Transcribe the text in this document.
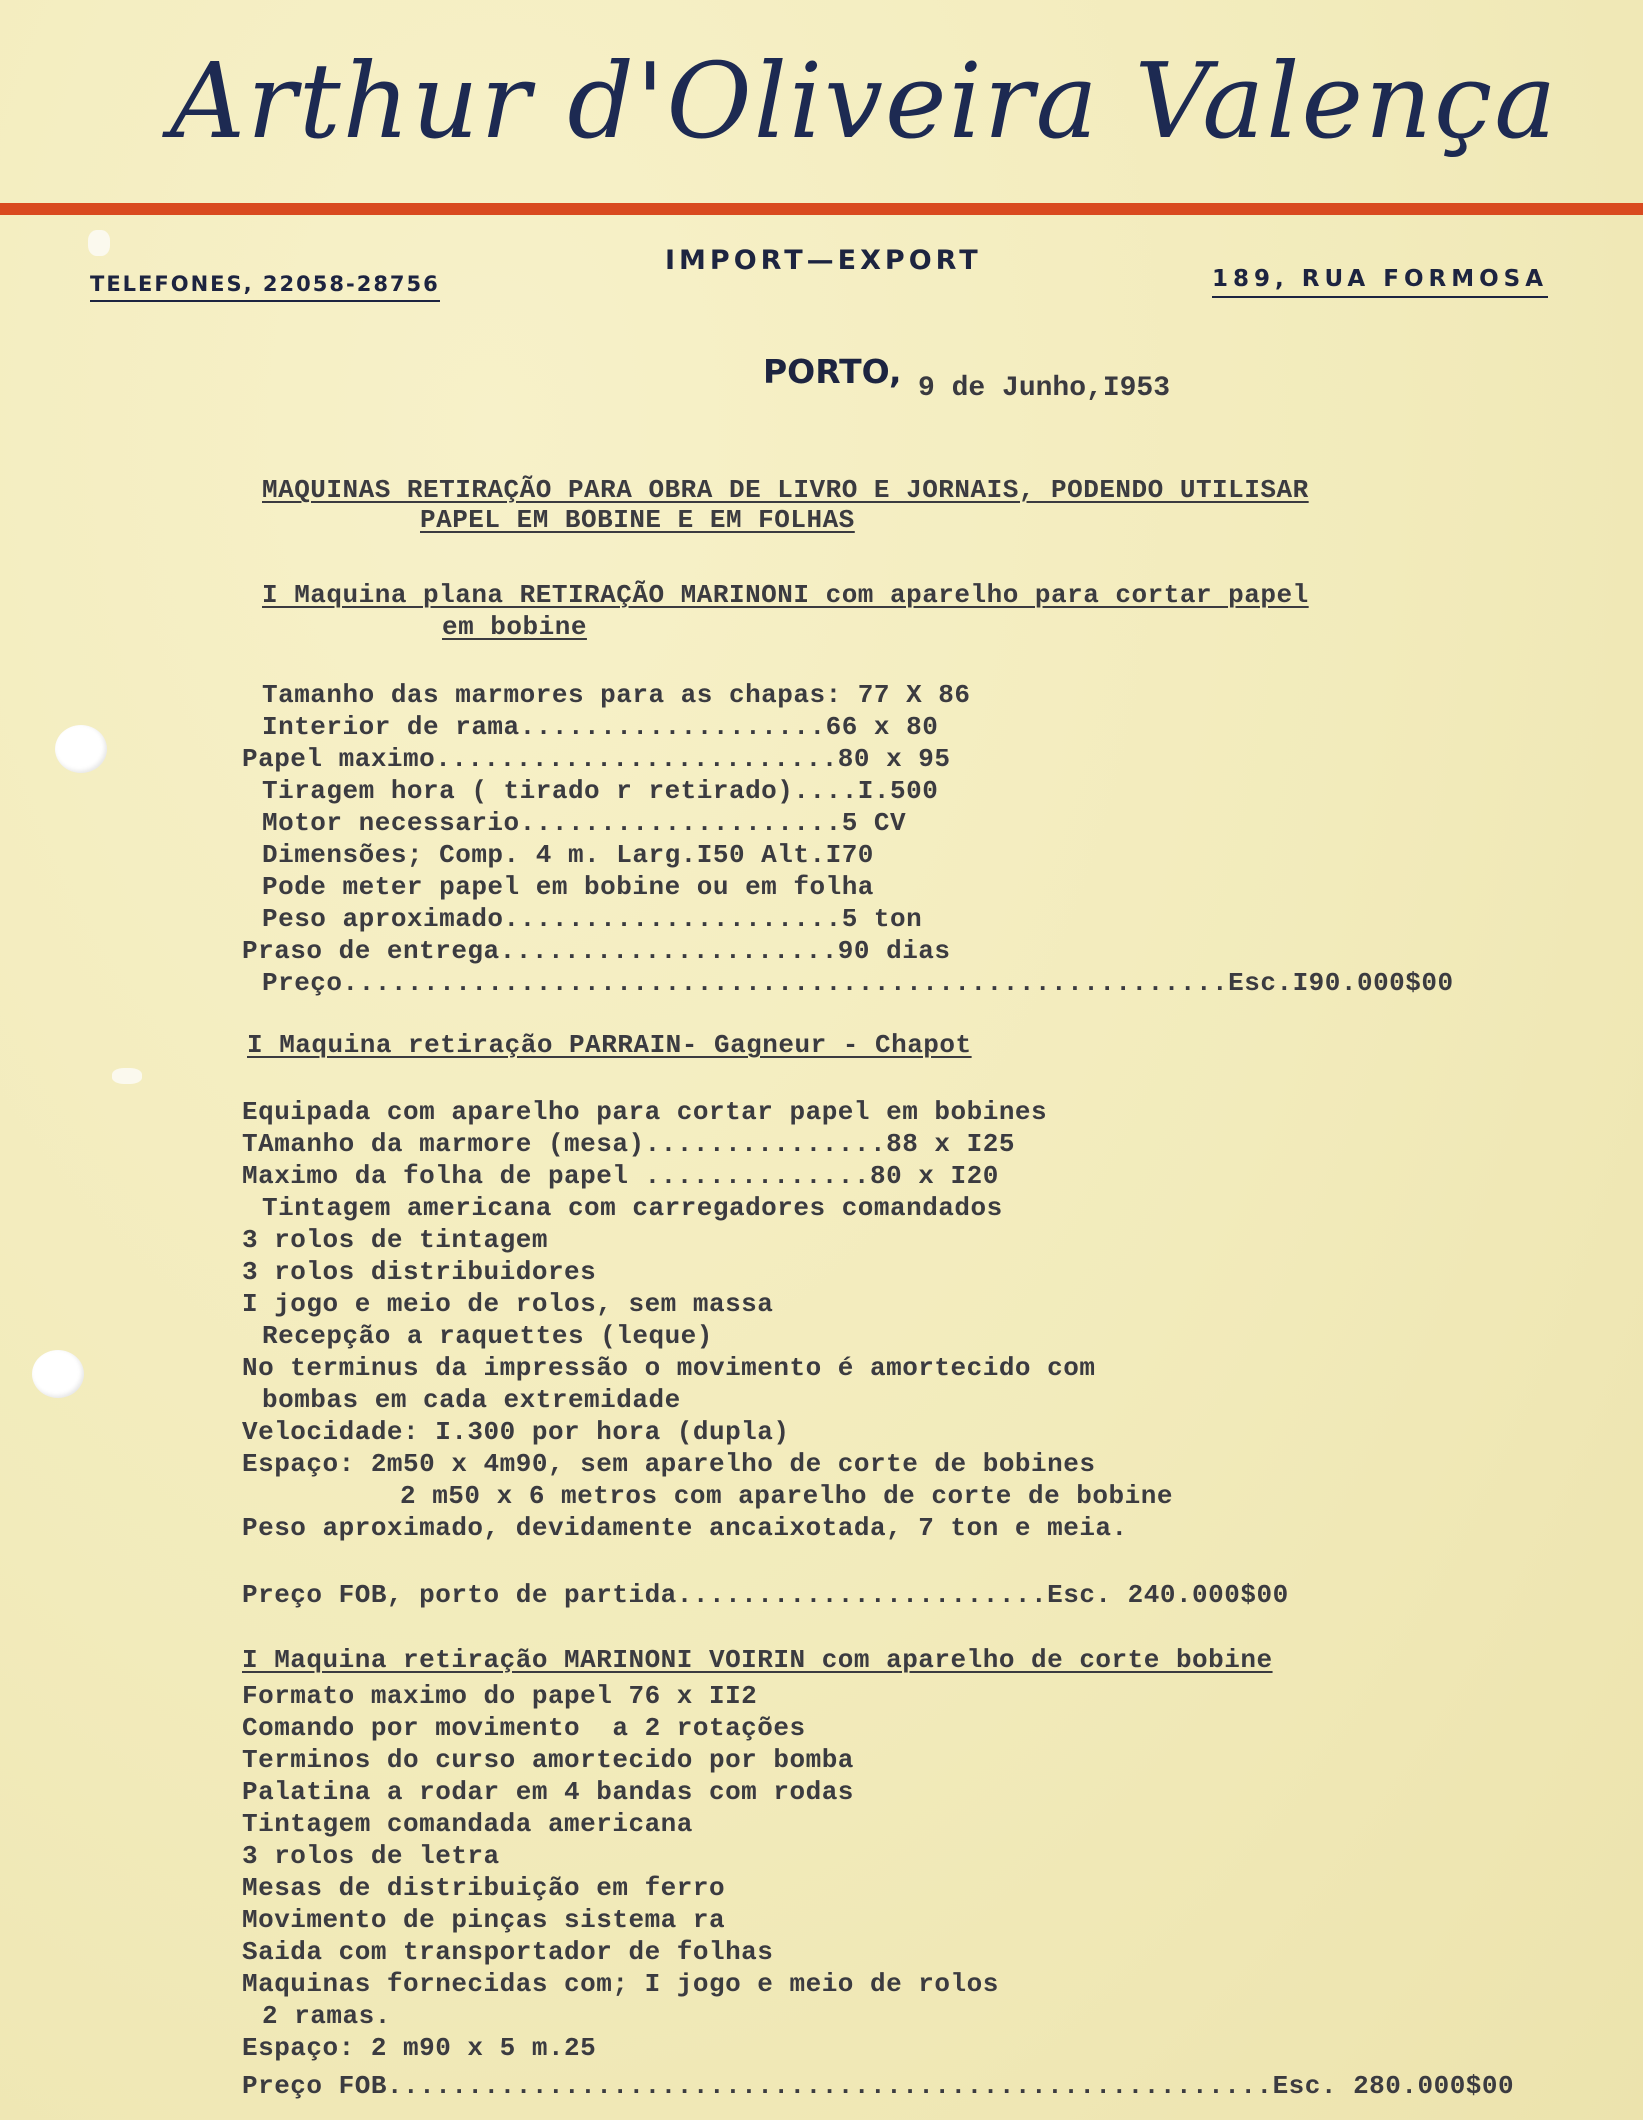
Arthur d'Oliveira Valença
TELEFONES, 22058-28756
IMPORT—EXPORT
189, RUA FORMOSA
PORTO, 9 de Junho,I953
MAQUINAS RETIRAÇÃO PARA OBRA DE LIVRO E JORNAIS, PODENDO UTILISAR
PAPEL EM BOBINE E EM FOLHAS
I Maquina plana RETIRAÇÃO MARINONI com aparelho para cortar papel
em bobine
Tamanho das marmores para as chapas: 77 X 86
Interior de rama...................66 x 80
Papel maximo.........................80 x 95
Tiragem hora ( tirado r retirado)....I.500
Motor necessario....................5 CV
Dimensões; Comp. 4 m. Larg.I50 Alt.I70
Pode meter papel em bobine ou em folha
Peso aproximado.....................5 ton
Praso de entrega.....................90 dias
Preço.......................................................Esc.I90.000$00
I Maquina retiração PARRAIN- Gagneur - Chapot
Equipada com aparelho para cortar papel em bobines
TAmanho da marmore (mesa)...............88 x I25
Maximo da folha de papel ..............80 x I20
Tintagem americana com carregadores comandados
3 rolos de tintagem
3 rolos distribuidores
I jogo e meio de rolos, sem massa
Recepção a raquettes (leque)
No terminus da impressão o movimento é amortecido com
bombas em cada extremidade
Velocidade: I.300 por hora (dupla)
Espaço: 2m50 x 4m90, sem aparelho de corte de bobines
2 m50 x 6 metros com aparelho de corte de bobine
Peso aproximado, devidamente ancaixotada, 7 ton e meia.
Preço FOB, porto de partida.......................Esc. 240.000$00
I Maquina retiração MARINONI VOIRIN com aparelho de corte bobine
Formato maximo do papel 76 x II2
Comando por movimento  a 2 rotações
Terminos do curso amortecido por bomba
Palatina a rodar em 4 bandas com rodas
Tintagem comandada americana
3 rolos de letra
Mesas de distribuição em ferro
Movimento de pinças sistema ra
Saida com transportador de folhas
Maquinas fornecidas com; I jogo e meio de rolos
2 ramas.
Espaço: 2 m90 x 5 m.25
Preço FOB.......................................................Esc. 280.000$00
